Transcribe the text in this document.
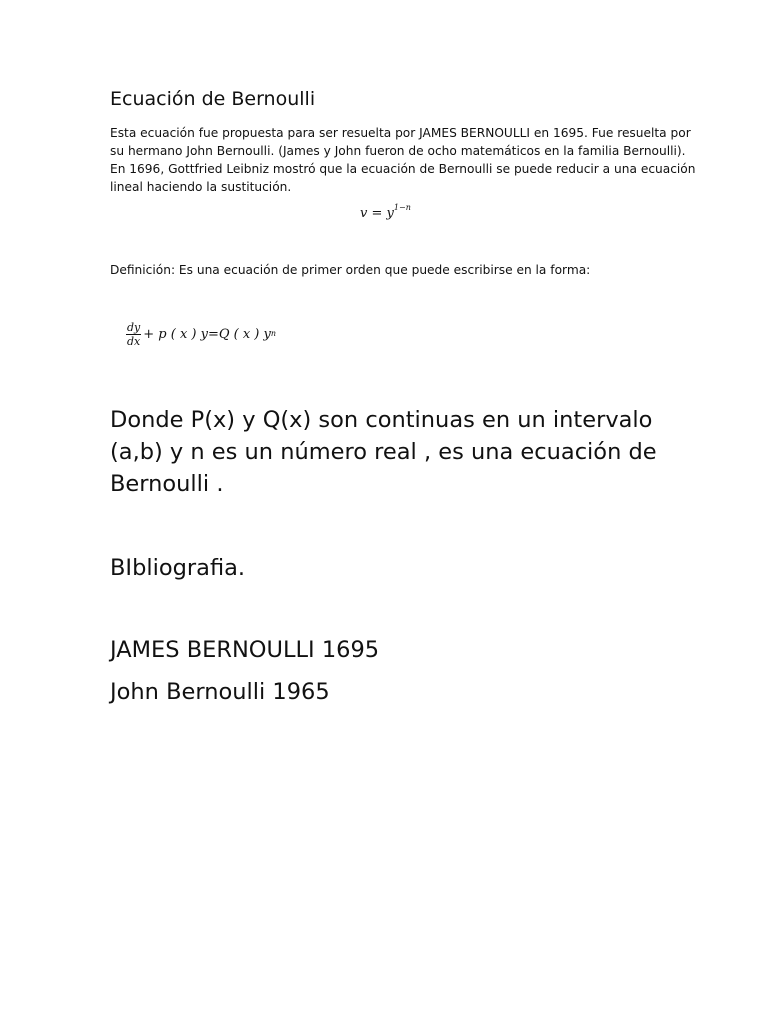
Ecuación de Bernoulli
Esta ecuación fue propuesta para ser resuelta por JAMES BERNOULLI en 1695. Fue resuelta por
su hermano John Bernoulli. (James y John fueron de ocho matemáticos en la familia Bernoulli).
En 1696, Gottfried Leibniz mostró que la ecuación de Bernoulli se puede reducir a una ecuación
lineal haciendo la sustitución.
$v = y^{1-n}$
Definición: Es una ecuación de primer orden que puede escribirse en la forma:
$\frac{dy}{dx} + p$ ( x ) y=Q ( x ) y n
Donde P(x) y Q(x) son continuas en un intervalo
(a,b) y n es un número real , es una ecuación de
Bernoulli .
BIbliografia.
JAMES BERNOULLI 1695
John Bernoulli 1965
